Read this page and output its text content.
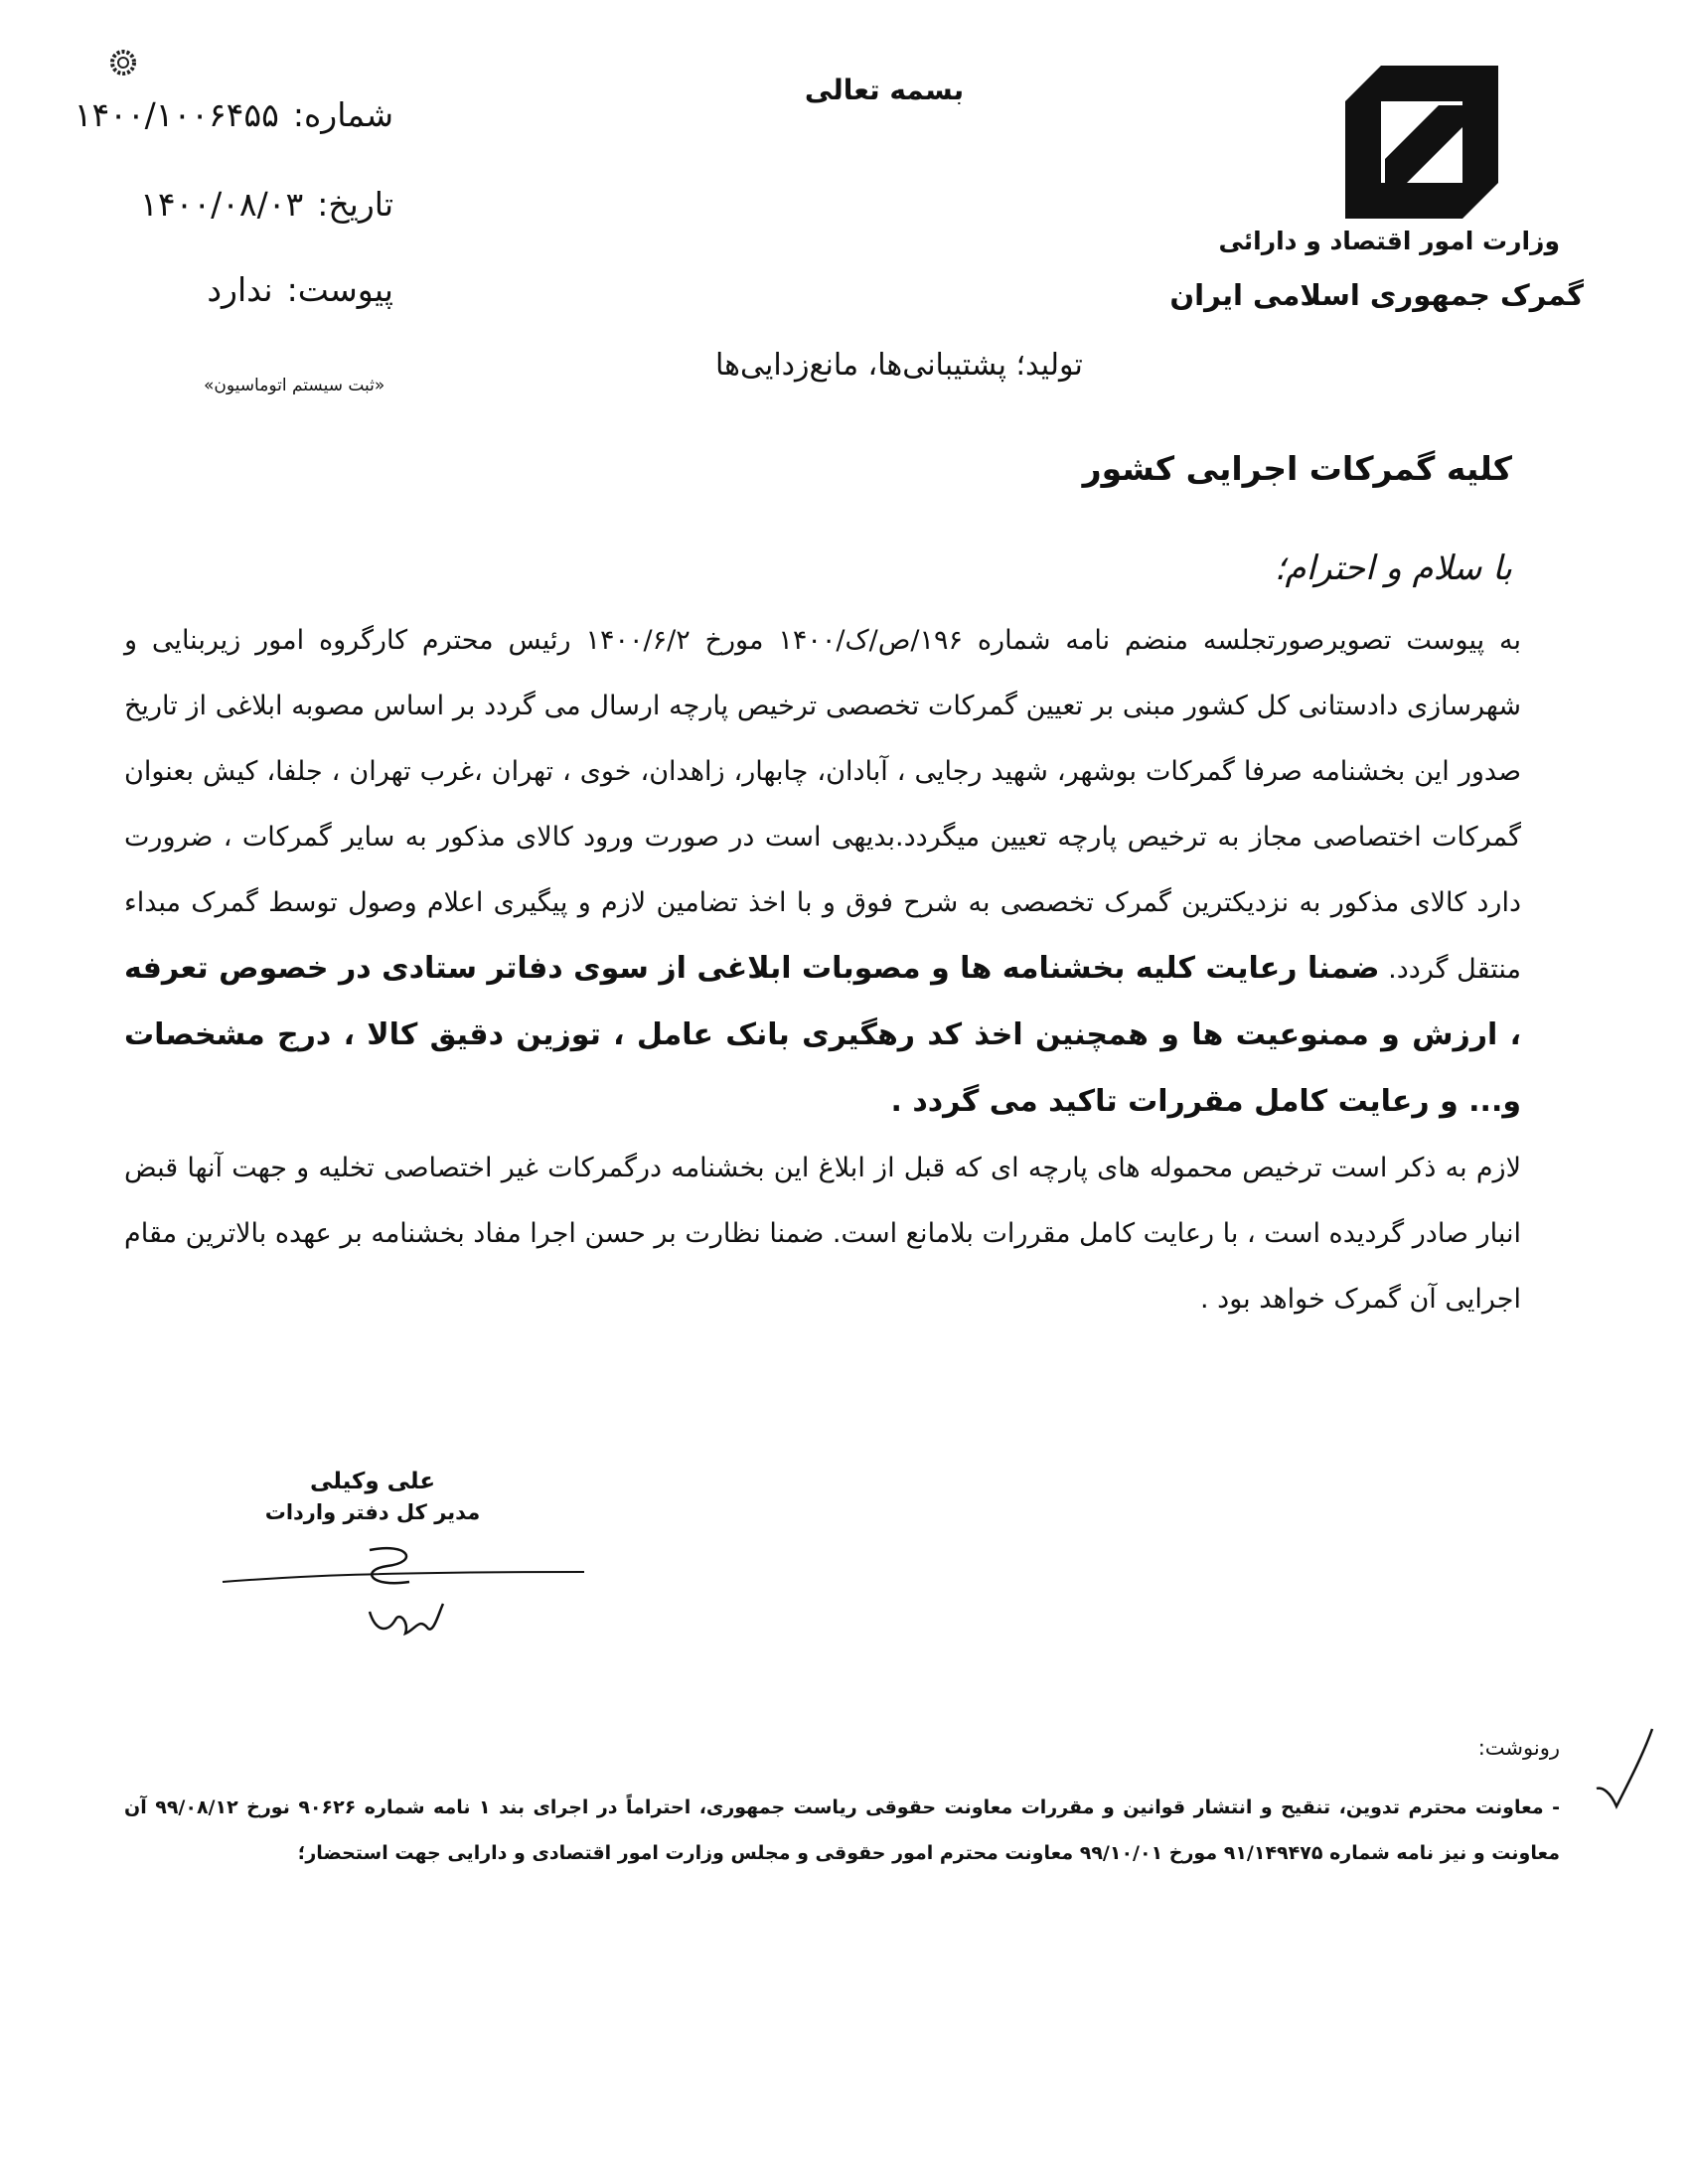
بسمه تعالی
وزارت امور اقتصاد و دارائی
گمرک جمهوری اسلامی ایران
شماره:۱۴۰۰/۱۰۰۶۴۵۵
تاریخ:۱۴۰۰/۰۸/۰۳
پیوست:ندارد
«ثبت سیستم اتوماسیون»
تولید؛ پشتیبانی‌ها، مانع‌زدایی‌ها
کلیه گمرکات اجرایی کشور
با سلام و احترام؛

به پیوست تصویرصورتجلسه منضم نامه شماره ۱۹۶/ص/ک/۱۴۰۰ مورخ ۱۴۰۰/۶/۲ رئیس محترم کارگروه امور زیربنایی و شهرسازی دادستانی کل کشور مبنی بر تعیین گمرکات تخصصی ترخیص پارچه ارسال می گردد بر اساس مصوبه ابلاغی از تاریخ صدور این بخشنامه صرفا گمرکات بوشهر، شهید رجایی ، آبادان، چابهار، زاهدان، خوی ، تهران ،غرب تهران ، جلفا، کیش بعنوان گمرکات اختصاصی مجاز به ترخیص پارچه تعیین میگردد.بدیهی است در صورت ورود کالای مذکور به سایر گمرکات ، ضرورت دارد کالای مذکور به نزدیکترین گمرک تخصصی به شرح فوق و با اخذ تضامین لازم و پیگیری اعلام وصول توسط گمرک مبداء منتقل گردد. ضمنا رعایت کلیه بخشنامه ها و مصوبات ابلاغی از سوی دفاتر ستادی در خصوص تعرفه ، ارزش و ممنوعیت ها و همچنین اخذ کد رهگیری بانک عامل ، توزین دقیق کالا ، درج مشخصات و... و رعایت کامل مقررات تاکید می گردد .

لازم به ذکر است ترخیص محموله های پارچه ای که قبل از ابلاغ این بخشنامه درگمرکات غیر اختصاصی تخلیه و جهت آنها قبض انبار صادر گردیده است ، با رعایت کامل مقررات بلامانع است. ضمنا نظارت بر حسن اجرا مفاد بخشنامه بر عهده بالاترین مقام اجرایی آن گمرک خواهد بود .

علی وکیلی
مدیر کل دفتر واردات
رونوشت:
- معاونت محترم تدوین، تنقیح و انتشار قوانین و مقررات معاونت حقوقی ریاست جمهوری، احتراماً در اجرای بند ۱ نامه شماره ۹۰۶۲۶ نورخ ۹۹/۰۸/۱۲ آن معاونت و نیز نامه شماره ۹۱/۱۴۹۴۷۵ مورخ ۹۹/۱۰/۰۱ معاونت محترم امور حقوقی و مجلس وزارت امور اقتصادی و دارایی جهت استحضار؛
